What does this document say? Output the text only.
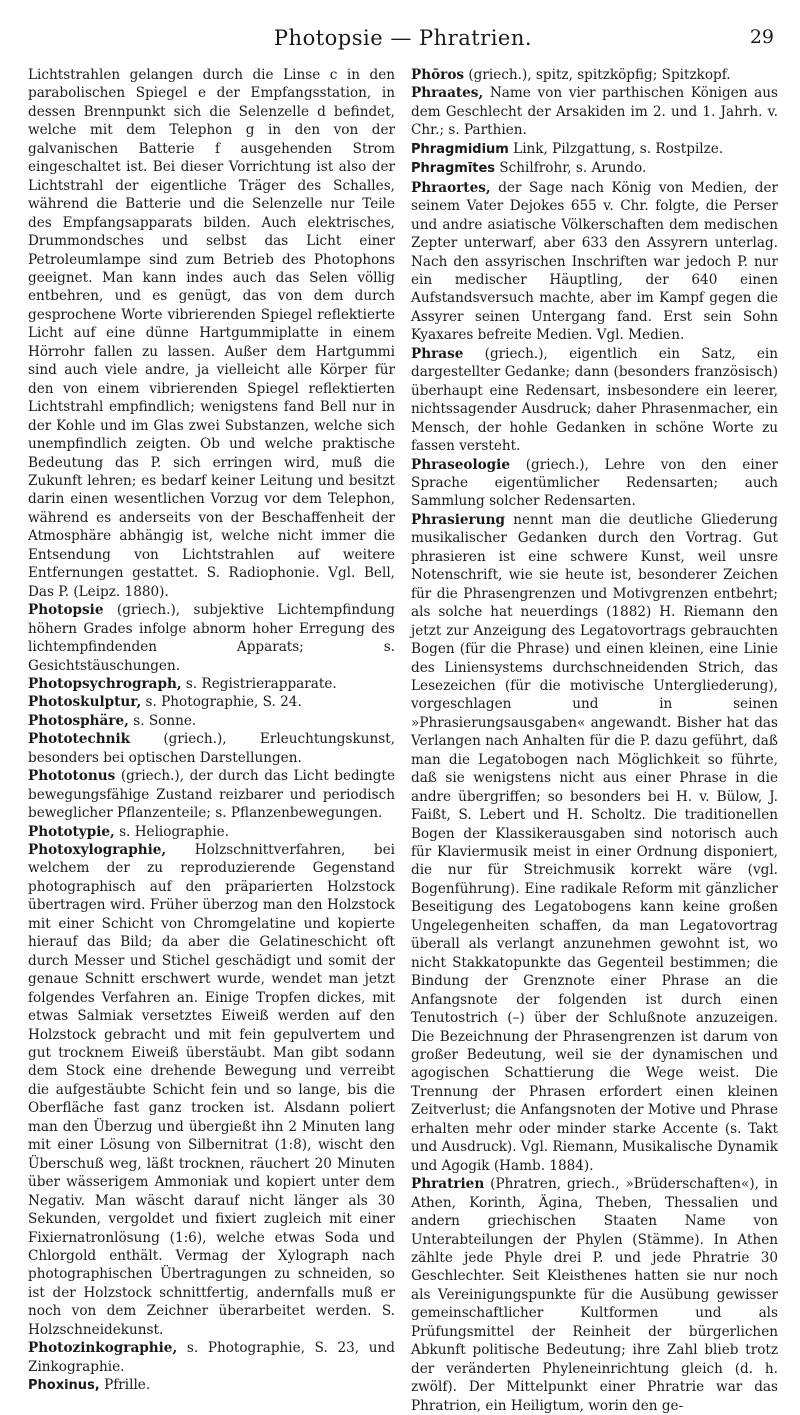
Photopsie — Phratrien.	29

Lichtstrahlen gelangen durch die Linse c in den parabolischen Spiegel e der Empfangsstation, in dessen Brennpunkt sich die Selenzelle d befindet, welche mit dem Telephon g in den von der galvanischen Batterie f ausgehenden Strom eingeschaltet ist. Bei dieser Vorrichtung ist also der Lichtstrahl der eigentliche Träger des Schalles, während die Batterie und die Selenzelle nur Teile des Empfangsapparats bilden. Auch elektrisches, Drummondsches und selbst das Licht einer Petroleumlampe sind zum Betrieb des Photophons geeignet. Man kann indes auch das Selen völlig entbehren, und es genügt, das von dem durch gesprochene Worte vibrierenden Spiegel reflektierte Licht auf eine dünne Hartgummiplatte in einem Hörrohr fallen zu lassen. Außer dem Hartgummi sind auch viele andre, ja vielleicht alle Körper für den von einem vibrierenden Spiegel reflektierten Lichtstrahl empfindlich; wenigstens fand Bell nur in der Kohle und im Glas zwei Substanzen, welche sich unempfindlich zeigten. Ob und welche praktische Bedeutung das P. sich erringen wird, muß die Zukunft lehren; es bedarf keiner Leitung und besitzt darin einen wesentlichen Vorzug vor dem Telephon, während es anderseits von der Beschaffenheit der Atmosphäre abhängig ist, welche nicht immer die Entsendung von Lichtstrahlen auf weitere Entfernungen gestattet. S. Radiophonie. Vgl. Bell, Das P. (Leipz. 1880).

Photopsie (griech.), subjektive Lichtempfindung höhern Grades infolge abnorm hoher Erregung des lichtempfindenden Apparats; s. Gesichtstäuschungen.

Photopsychrograph, s. Registrierapparate.

Photoskulptur, s. Photographie, S. 24.

Photosphäre, s. Sonne.

Phototechnik (griech.), Erleuchtungskunst, besonders bei optischen Darstellungen.

Phototonus (griech.), der durch das Licht bedingte bewegungsfähige Zustand reizbarer und periodisch beweglicher Pflanzenteile; s. Pflanzenbewegungen.

Phototypie, s. Heliographie.

Photoxylographie, Holzschnittverfahren, bei welchem der zu reproduzierende Gegenstand photographisch auf den präparierten Holzstock übertragen wird. Früher überzog man den Holzstock mit einer Schicht von Chromgelatine und kopierte hierauf das Bild; da aber die Gelatineschicht oft durch Messer und Stichel geschädigt und somit der genaue Schnitt erschwert wurde, wendet man jetzt folgendes Verfahren an. Einige Tropfen dickes, mit etwas Salmiak versetztes Eiweiß werden auf den Holzstock gebracht und mit fein gepulvertem und gut trocknem Eiweiß überstäubt. Man gibt sodann dem Stock eine drehende Bewegung und verreibt die aufgestäubte Schicht fein und so lange, bis die Oberfläche fast ganz trocken ist. Alsdann poliert man den Überzug und übergießt ihn 2 Minuten lang mit einer Lösung von Silbernitrat (1:8), wischt den Überschuß weg, läßt trocknen, räuchert 20 Minuten über wässerigem Ammoniak und kopiert unter dem Negativ. Man wäscht darauf nicht länger als 30 Sekunden, vergoldet und fixiert zugleich mit einer Fixiernatronlösung (1:6), welche etwas Soda und Chlorgold enthält. Vermag der Xylograph nach photographischen Übertragungen zu schneiden, so ist der Holzstock schnittfertig, andernfalls muß er noch von dem Zeichner überarbeitet werden. S. Holzschneidekunst.

Photozinkographie, s. Photographie, S. 23, und Zinkographie.

Phoxinus, Pfrille.

Phōros (griech.), spitz, spitzköpfig; Spitzkopf.

Phraates, Name von vier parthischen Königen aus dem Geschlecht der Arsakiden im 2. und 1. Jahrh. v. Chr.; s. Parthien.

Phragmidium Link, Pilzgattung, s. Rostpilze.

Phragmītes Schilfrohr, s. Arundo.

Phraortes, der Sage nach König von Medien, der seinem Vater Dejokes 655 v. Chr. folgte, die Perser und andre asiatische Völkerschaften dem medischen Zepter unterwarf, aber 633 den Assyrern unterlag. Nach den assyrischen Inschriften war jedoch P. nur ein medischer Häuptling, der 640 einen Aufstandsversuch machte, aber im Kampf gegen die Assyrer seinen Untergang fand. Erst sein Sohn Kyaxares befreite Medien. Vgl. Medien.

Phrase (griech.), eigentlich ein Satz, ein dargestellter Gedanke; dann (besonders französisch) überhaupt eine Redensart, insbesondere ein leerer, nichtssagender Ausdruck; daher Phrasenmacher, ein Mensch, der hohle Gedanken in schöne Worte zu fassen versteht.

Phraseologie (griech.), Lehre von den einer Sprache eigentümlicher Redensarten; auch Sammlung solcher Redensarten.

Phrasierung nennt man die deutliche Gliederung musikalischer Gedanken durch den Vortrag. Gut phrasieren ist eine schwere Kunst, weil unsre Notenschrift, wie sie heute ist, besonderer Zeichen für die Phrasengrenzen und Motivgrenzen entbehrt; als solche hat neuerdings (1882) H. Riemann den jetzt zur Anzeigung des Legatovortrags gebrauchten Bogen (für die Phrase) und einen kleinen, eine Linie des Liniensystems durchschneidenden Strich, das Lesezeichen (für die motivische Untergliederung), vorgeschlagen und in seinen »Phrasierungsausgaben« angewandt. Bisher hat das Verlangen nach Anhalten für die P. dazu geführt, daß man die Legatobogen nach Möglichkeit so führte, daß sie wenigstens nicht aus einer Phrase in die andre übergriffen; so besonders bei H. v. Bülow, J. Faißt, S. Lebert und H. Scholtz. Die traditionellen Bogen der Klassikerausgaben sind notorisch auch für Klaviermusik meist in einer Ordnung disponiert, die nur für Streichmusik korrekt wäre (vgl. Bogenführung). Eine radikale Reform mit gänzlicher Beseitigung des Legatobogens kann keine großen Ungelegenheiten schaffen, da man Legatovortrag überall als verlangt anzunehmen gewohnt ist, wo nicht Stakkatopunkte das Gegenteil bestimmen; die Bindung der Grenznote einer Phrase an die Anfangsnote der folgenden ist durch einen Tenutostrich (–) über der Schlußnote anzuzeigen. Die Bezeichnung der Phrasengrenzen ist darum von großer Bedeutung, weil sie der dynamischen und agogischen Schattierung die Wege weist. Die Trennung der Phrasen erfordert einen kleinen Zeitverlust; die Anfangsnoten der Motive und Phrase erhalten mehr oder minder starke Accente (s. Takt und Ausdruck). Vgl. Riemann, Musikalische Dynamik und Agogik (Hamb. 1884).

Phratrien (Phratren, griech., »Brüderschaften«), in Athen, Korinth, Ägina, Theben, Thessalien und andern griechischen Staaten Name von Unterabteilungen der Phylen (Stämme). In Athen zählte jede Phyle drei P. und jede Phratrie 30 Geschlechter. Seit Kleisthenes hatten sie nur noch als Vereinigungspunkte für die Ausübung gewisser gemeinschaftlicher Kultformen und als Prüfungsmittel der Reinheit der bürgerlichen Abkunft politische Bedeutung; ihre Zahl blieb trotz der veränderten Phyleneinrichtung gleich (d. h. zwölf). Der Mittelpunkt einer Phratrie war das Phratrion, ein Heiligtum, worin den ge-
